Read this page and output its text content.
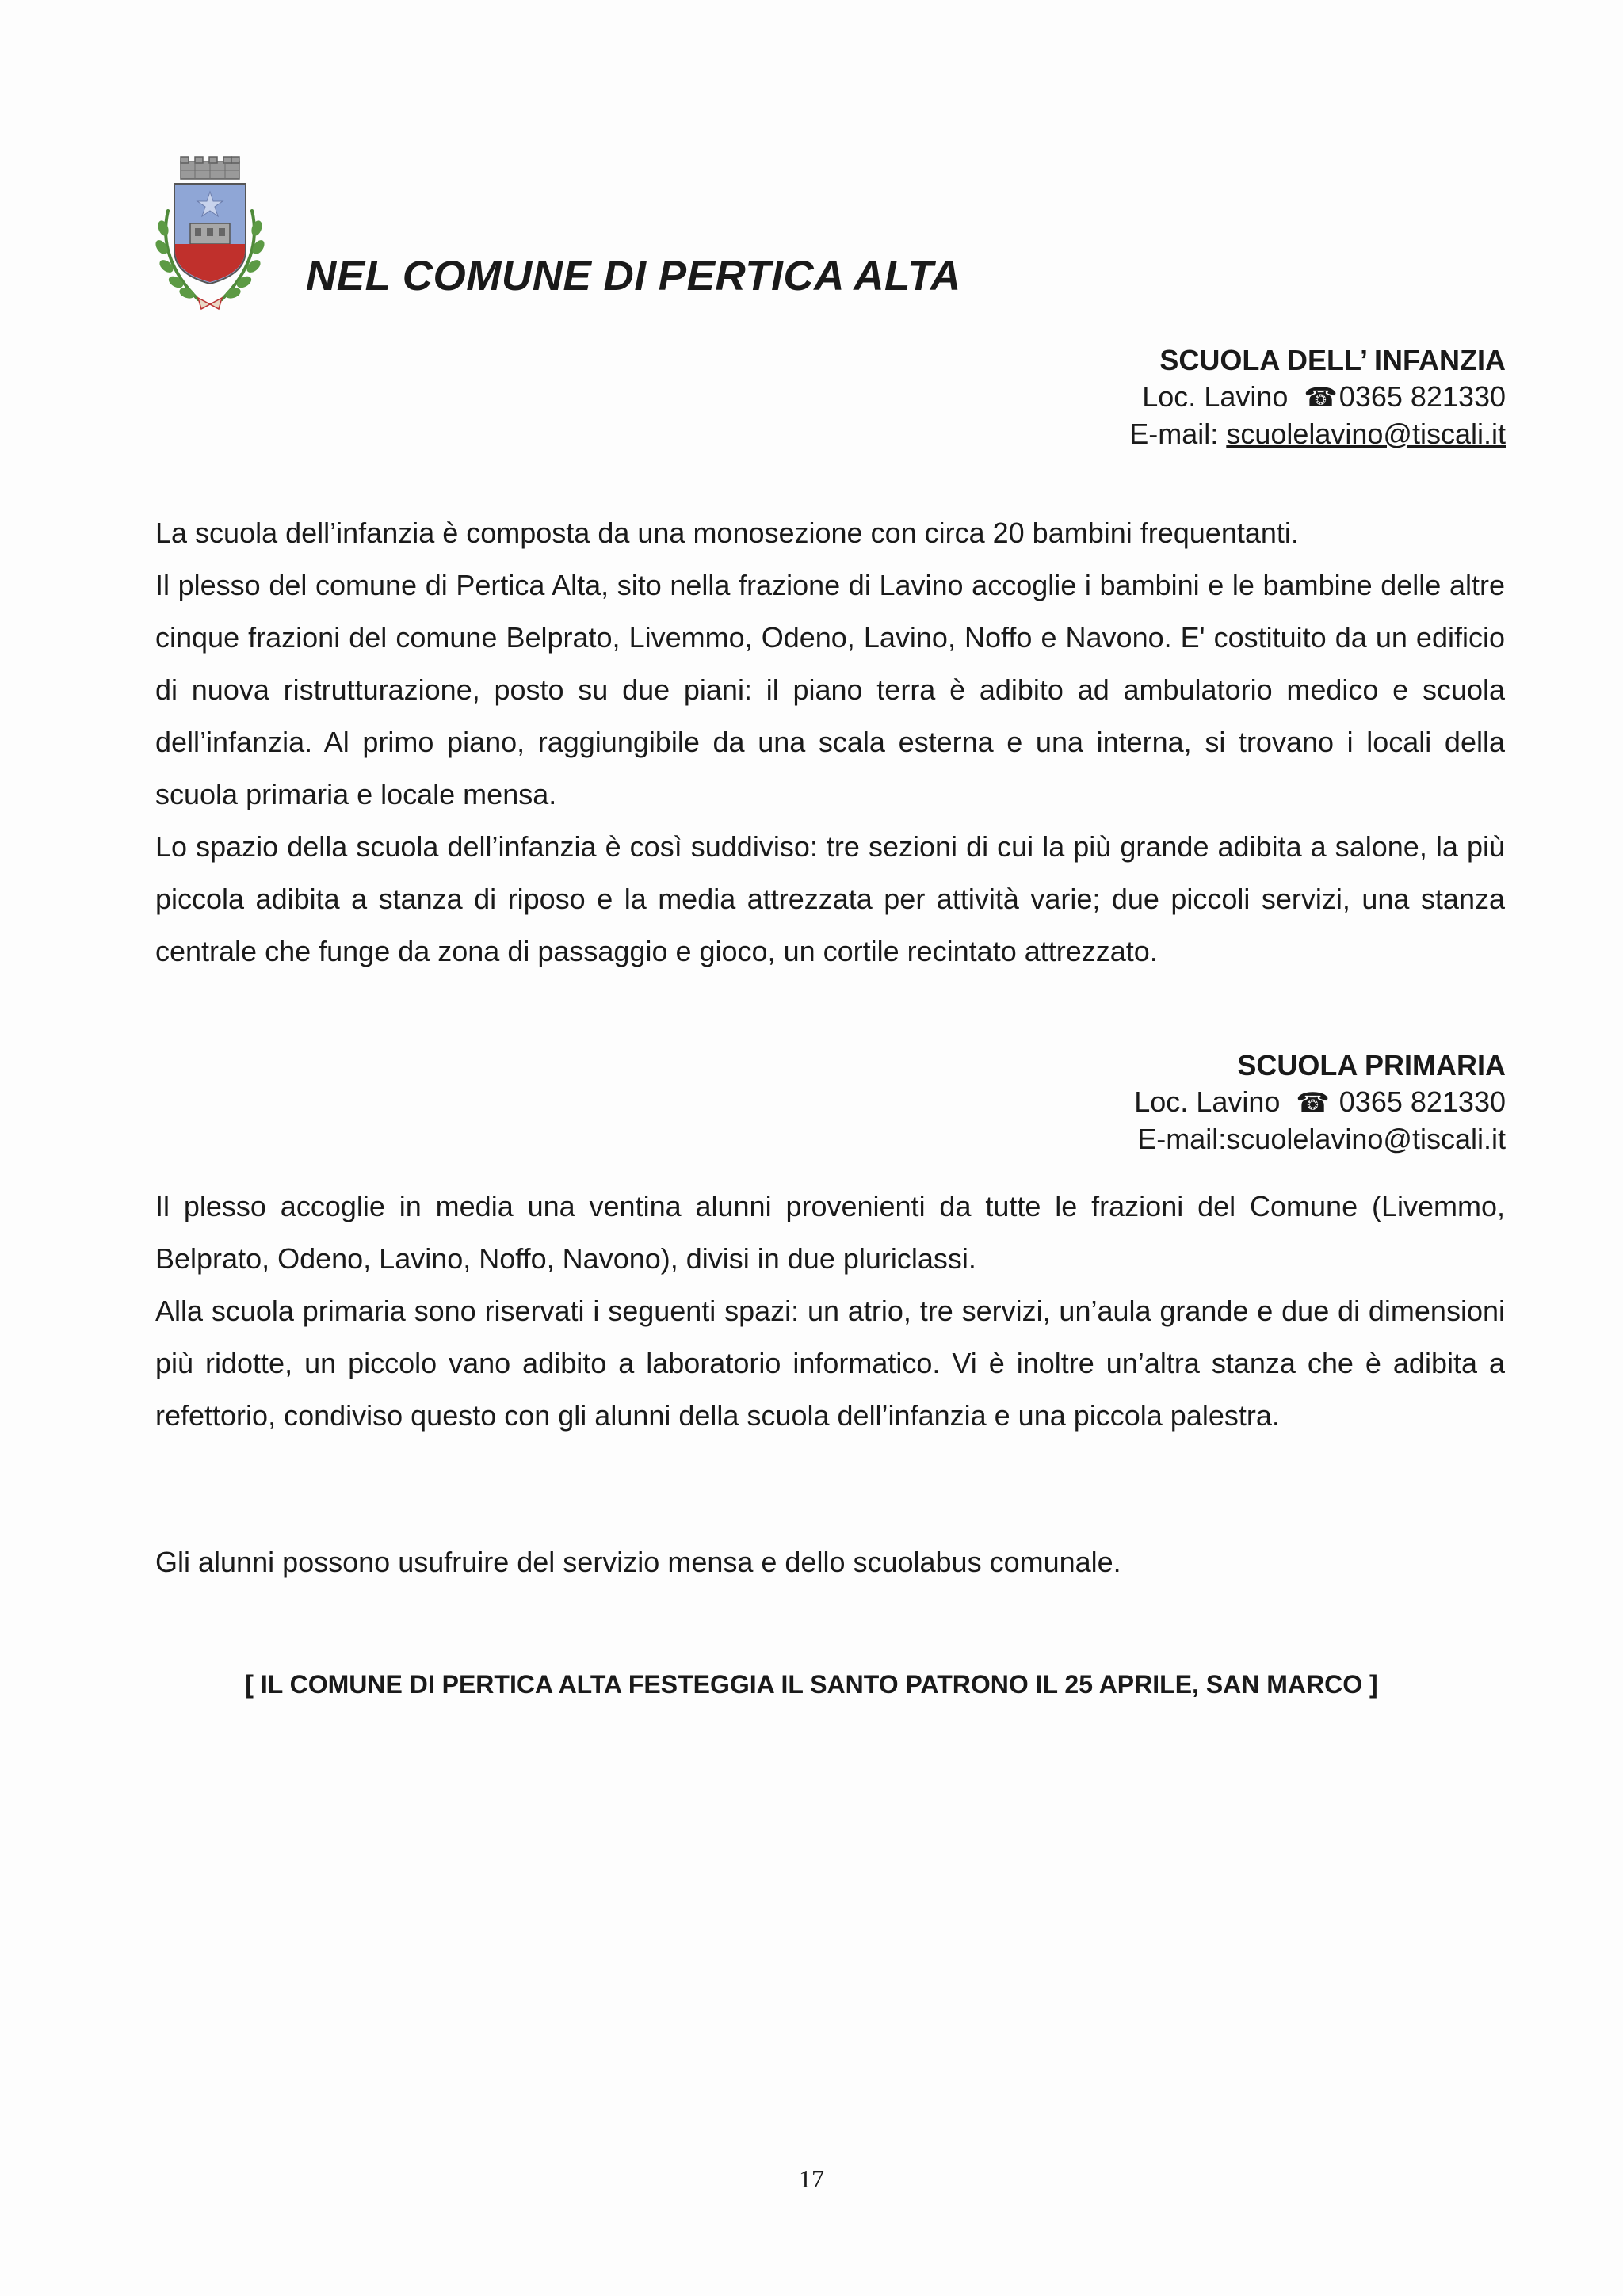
NEL COMUNE DI PERTICA ALTA
SCUOLA DELL’ INFANZIA
Loc. Lavino ☎0365 821330
E-mail: scuolelavino@tiscali.it

La scuola dell’infanzia è composta da una monosezione con circa 20 bambini frequentanti.

Il plesso del comune di Pertica Alta, sito nella frazione di Lavino accoglie i bambini e le bambine delle altre cinque frazioni del comune Belprato, Livemmo, Odeno, Lavino, Noffo e Navono. E' costituito da un edificio di nuova ristrutturazione, posto su due piani: il piano terra è adibito ad ambulatorio medico e scuola dell’infanzia. Al primo piano, raggiungibile da una scala esterna e una interna, si trovano i locali della scuola primaria e locale mensa.

Lo spazio della scuola dell’infanzia è così suddiviso: tre sezioni di cui la più grande adibita a salone, la più piccola adibita a stanza di riposo e la media attrezzata per attività varie; due piccoli servizi, una stanza centrale che funge da zona di passaggio e gioco, un cortile recintato attrezzato.

SCUOLA PRIMARIA
Loc. Lavino ☎ 0365 821330
E-mail:scuolelavino@tiscali.it

Il plesso accoglie in media una ventina alunni provenienti da tutte le frazioni del Comune (Livemmo, Belprato, Odeno, Lavino, Noffo, Navono), divisi in due pluriclassi.

Alla scuola primaria sono riservati i seguenti spazi: un atrio, tre servizi, un’aula grande e due di dimensioni più ridotte, un piccolo vano adibito a laboratorio informatico. Vi è inoltre un’altra stanza che è adibita a refettorio, condiviso questo con gli alunni della scuola dell’infanzia e una piccola palestra.

Gli alunni possono usufruire del servizio mensa e dello scuolabus comunale.
[ IL COMUNE DI PERTICA ALTA FESTEGGIA IL SANTO PATRONO IL 25 APRILE, SAN MARCO ]
17
